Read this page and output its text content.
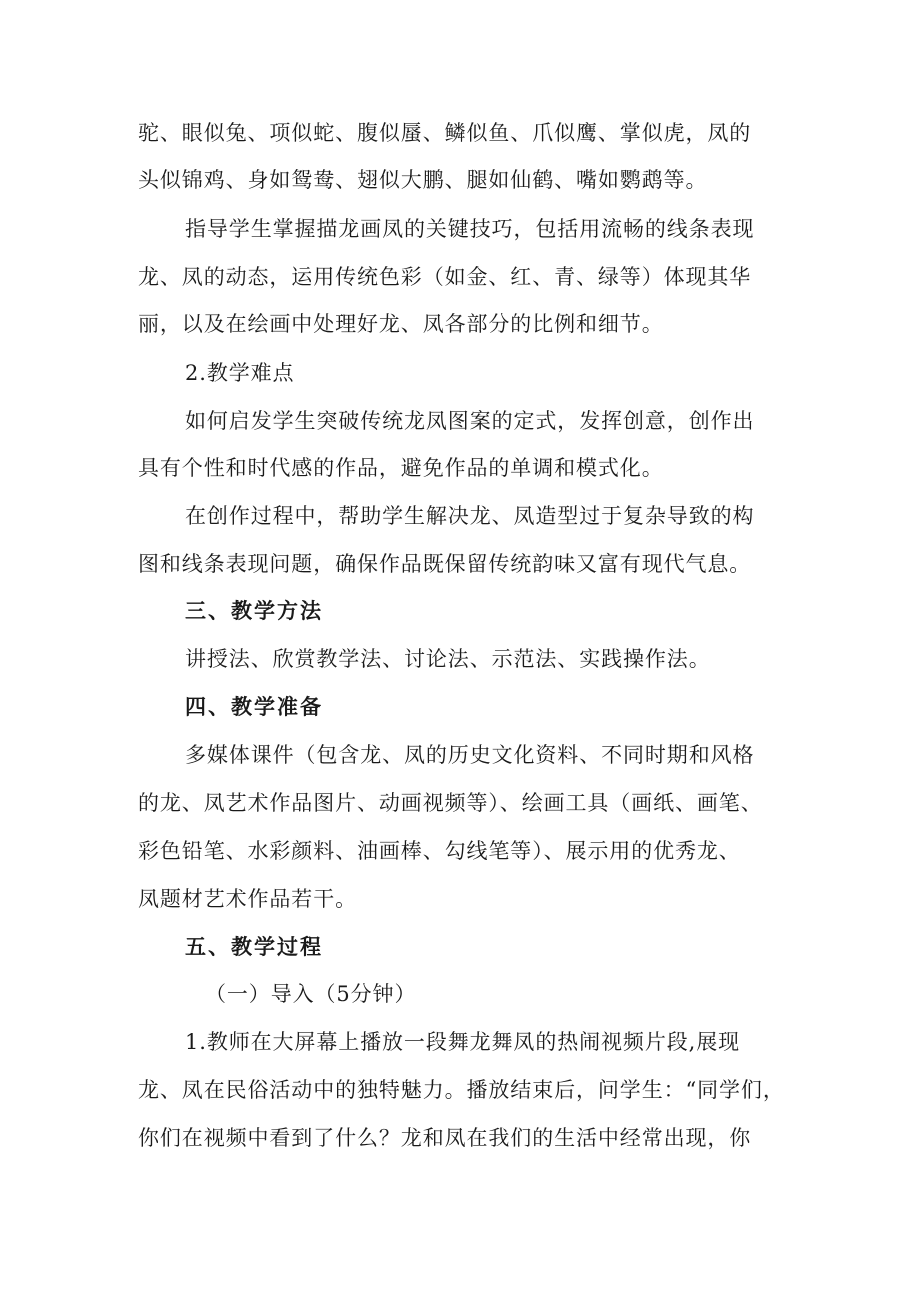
驼、眼似兔、项似蛇、腹似蜃、鳞似鱼、爪似鹰、掌似虎，凤的

头似锦鸡、身如鸳鸯、翅似大鹏、腿如仙鹤、嘴如鹦鹉等。

指导学生掌握描龙画凤的关键技巧，包括用流畅的线条表现

龙、凤的动态，运用传统色彩（如金、红、青、绿等）体现其华

丽，以及在绘画中处理好龙、凤各部分的比例和细节。

2.教学难点

如何启发学生突破传统龙凤图案的定式，发挥创意，创作出

具有个性和时代感的作品，避免作品的单调和模式化。

在创作过程中，帮助学生解决龙、凤造型过于复杂导致的构

图和线条表现问题，确保作品既保留传统韵味又富有现代气息。

三、教学方法

讲授法、欣赏教学法、讨论法、示范法、实践操作法。

四、教学准备

多媒体课件（包含龙、凤的历史文化资料、不同时期和风格

的龙、凤艺术作品图片、动画视频等）、绘画工具（画纸、画笔、

彩色铅笔、水彩颜料、油画棒、勾线笔等）、展示用的优秀龙、

凤题材艺术作品若干。

五、教学过程

（一）导入（5分钟）

1.教师在大屏幕上播放一段舞龙舞凤的热闹视频片段,展现

龙、凤在民俗活动中的独特魅力。播放结束后，问学生：“同学们，

你们在视频中看到了什么？龙和凤在我们的生活中经常出现，你
